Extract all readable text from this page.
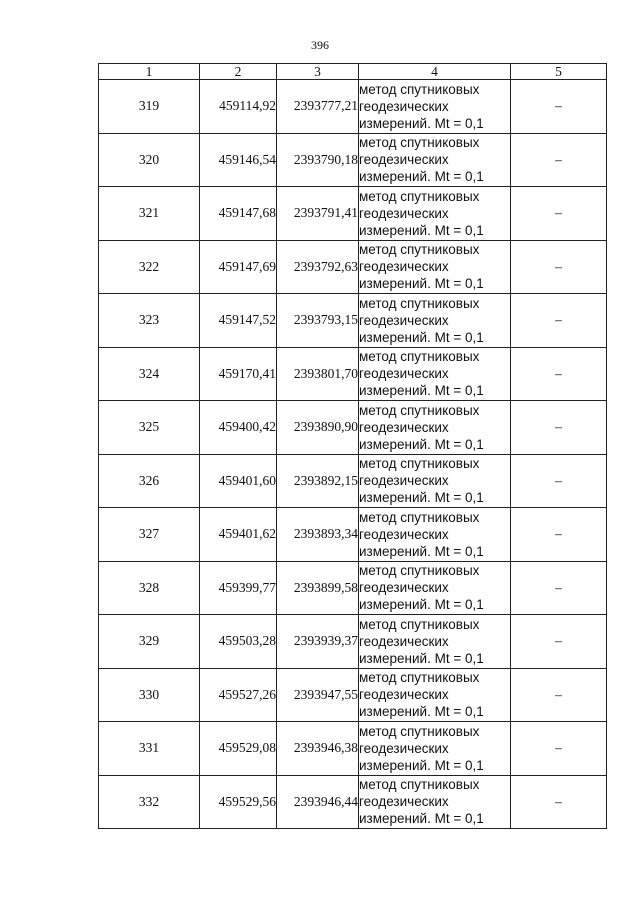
396
1	2	3	4	5
319	459114,92	2393777,21	метод спутниковых
геодезических
измерений. Mt = 0,1	–
320	459146,54	2393790,18	метод спутниковых
геодезических
измерений. Mt = 0,1	–
321	459147,68	2393791,41	метод спутниковых
геодезических
измерений. Mt = 0,1	–
322	459147,69	2393792,63	метод спутниковых
геодезических
измерений. Mt = 0,1	–
323	459147,52	2393793,15	метод спутниковых
геодезических
измерений. Mt = 0,1	–
324	459170,41	2393801,70	метод спутниковых
геодезических
измерений. Mt = 0,1	–
325	459400,42	2393890,90	метод спутниковых
геодезических
измерений. Mt = 0,1	–
326	459401,60	2393892,15	метод спутниковых
геодезических
измерений. Mt = 0,1	–
327	459401,62	2393893,34	метод спутниковых
геодезических
измерений. Mt = 0,1	–
328	459399,77	2393899,58	метод спутниковых
геодезических
измерений. Mt = 0,1	–
329	459503,28	2393939,37	метод спутниковых
геодезических
измерений. Mt = 0,1	–
330	459527,26	2393947,55	метод спутниковых
геодезических
измерений. Mt = 0,1	–
331	459529,08	2393946,38	метод спутниковых
геодезических
измерений. Mt = 0,1	–
332	459529,56	2393946,44	метод спутниковых
геодезических
измерений. Mt = 0,1	–
